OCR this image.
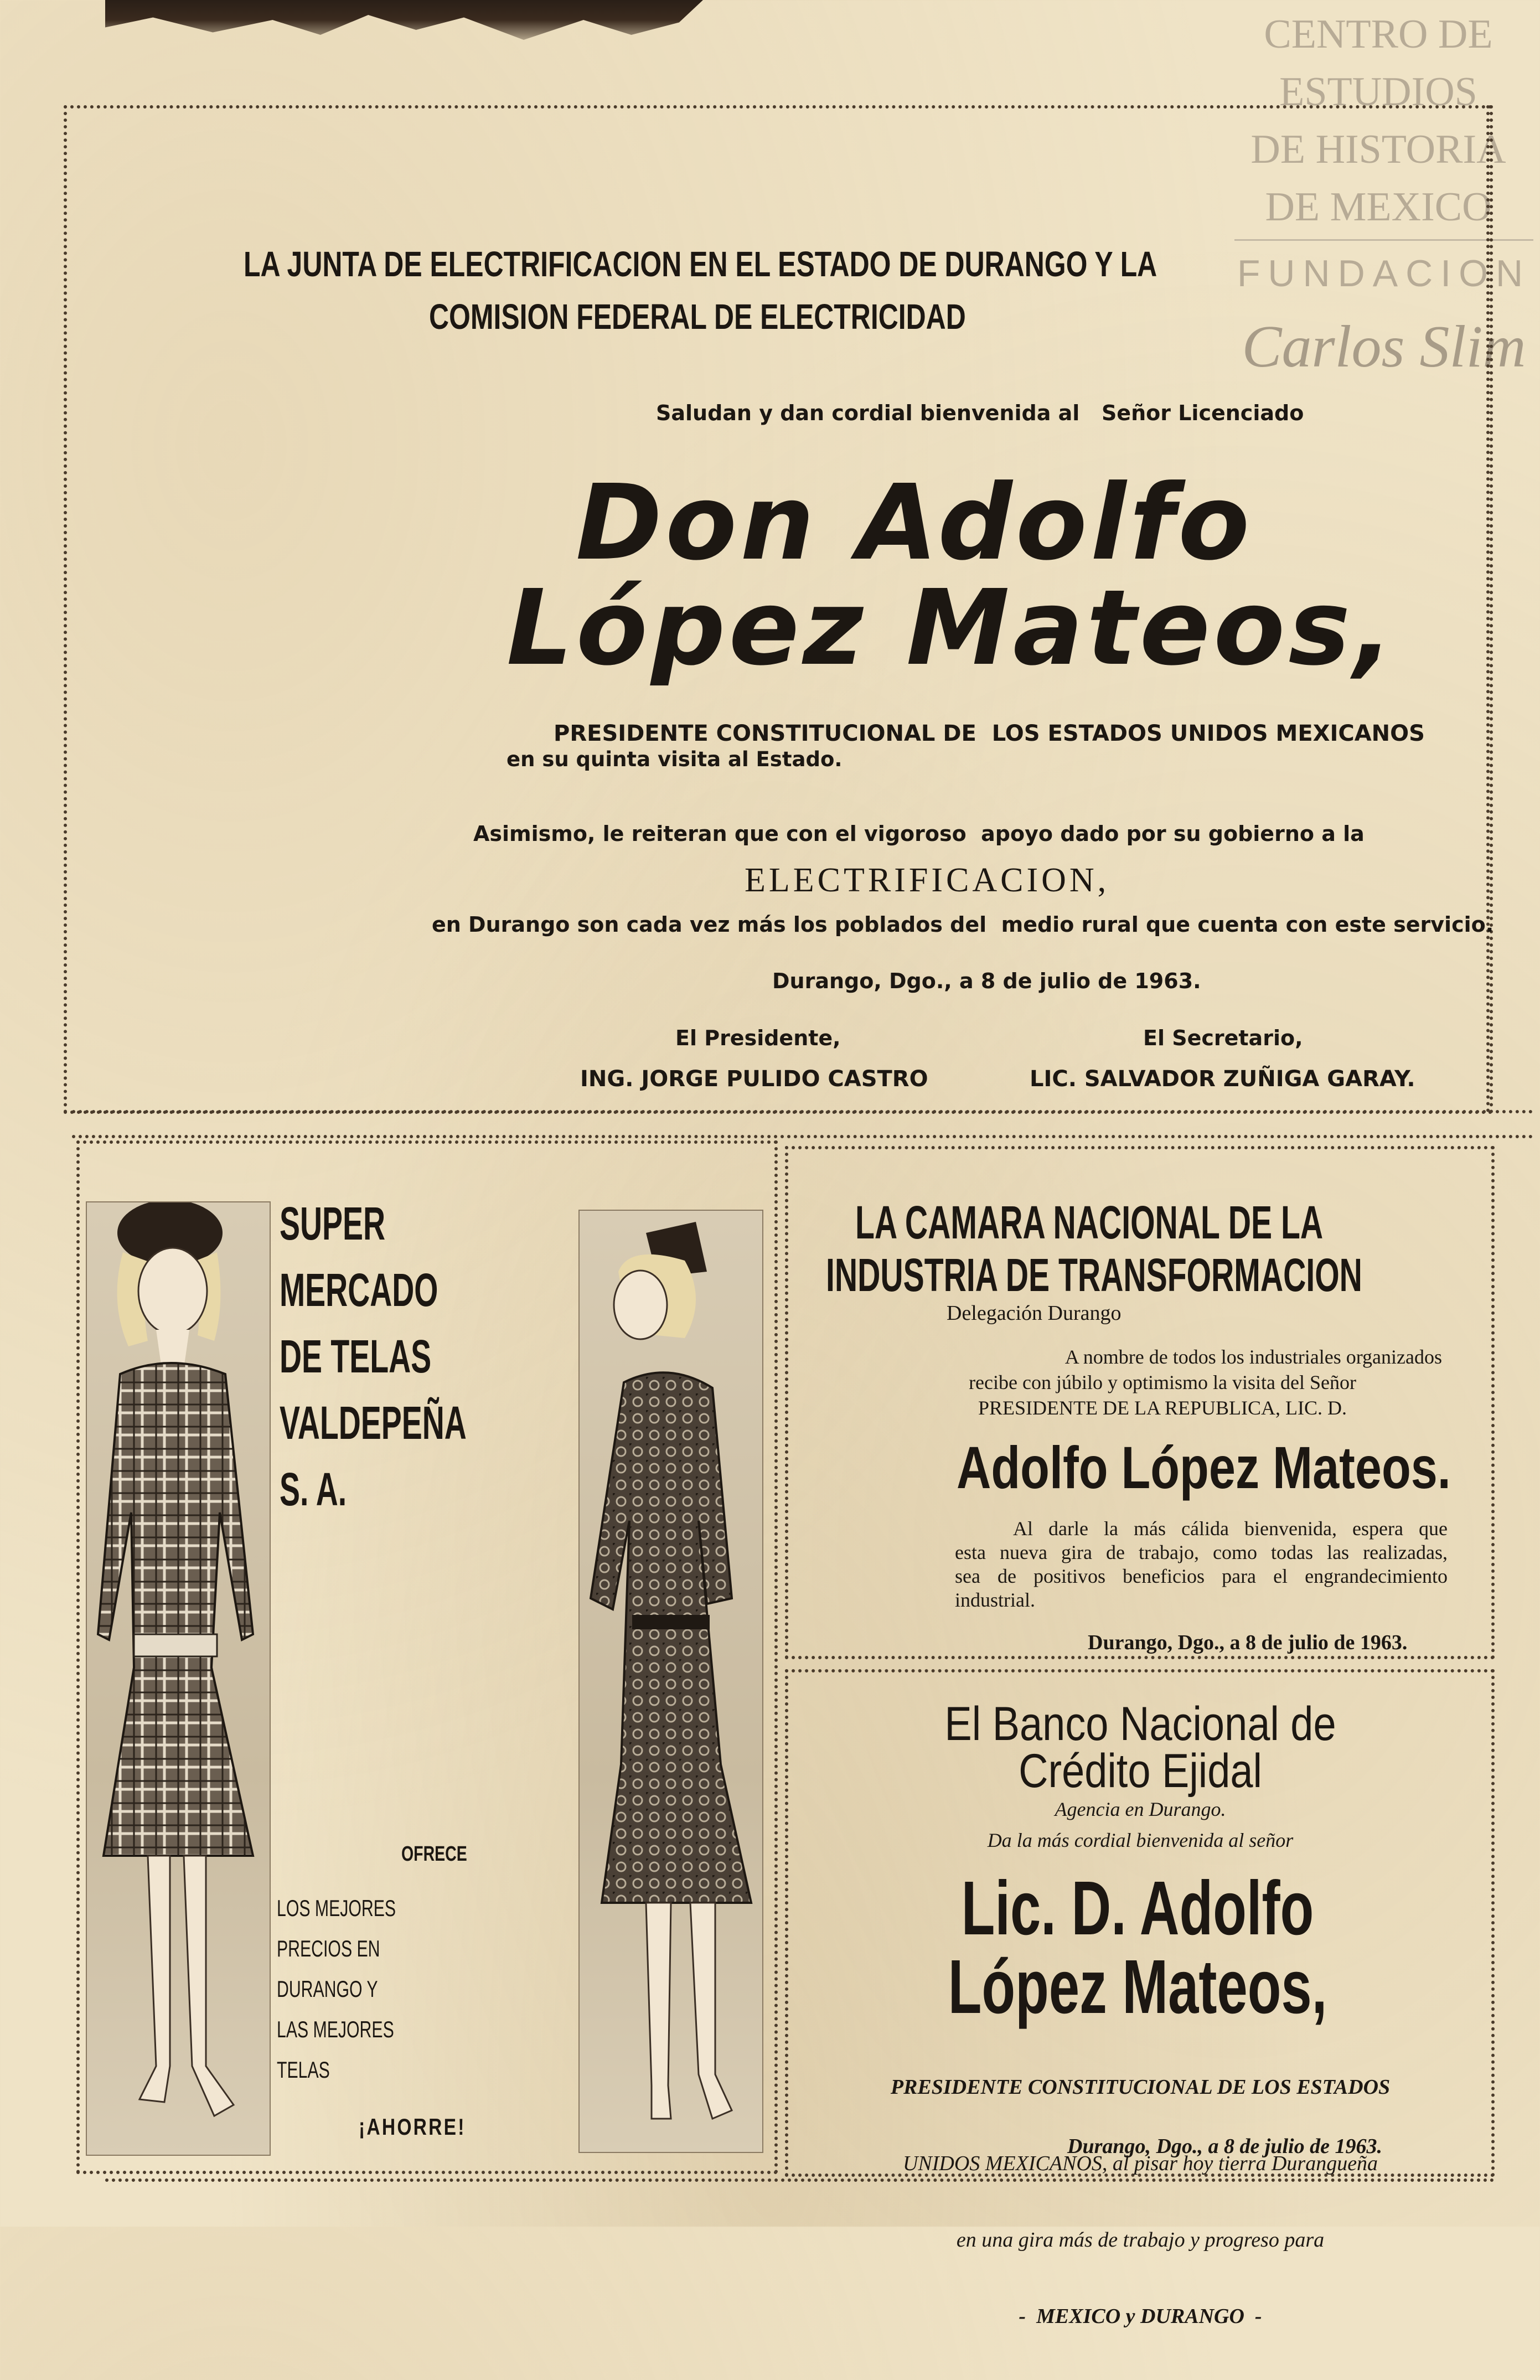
CENTRO DE
ESTUDIOS
DE HISTORIA
DE MEXICO
FUNDACION
Carlos Slim
LA JUNTA DE ELECTRIFICACION EN EL ESTADO DE DURANGO Y LA
COMISION FEDERAL DE ELECTRICIDAD
Saludan y dan cordial bienvenida al   Señor Licenciado
Don Adolfo
López Mateos,
PRESIDENTE CONSTITUCIONAL DE  LOS ESTADOS UNIDOS MEXICANOS
en su quinta visita al Estado.
Asimismo, le reiteran que con el vigoroso  apoyo dado por su gobierno a la
ELECTRIFICACION,
en Durango son cada vez más los poblados del  medio rural que cuenta con este servicio.
Durango, Dgo., a 8 de julio de 1963.
El Presidente,
ING. JORGE PULIDO CASTRO
El Secretario,
LIC. SALVADOR ZUÑIGA GARAY.
SUPER
MERCADO
DE TELAS
VALDEPEÑA
S. A.
OFRECE
LOS MEJORES
PRECIOS EN
DURANGO Y
LAS MEJORES
TELAS
¡AHORRE!
LA CAMARA NACIONAL DE LA
INDUSTRIA DE TRANSFORMACION
Delegación Durango
A nombre de todos los industriales organizados
recibe con júbilo y optimismo la visita del Señor
PRESIDENTE DE LA REPUBLICA, LIC. D.
Adolfo López Mateos.
Al darle la más cálida bienvenida, espera que
esta nueva gira de trabajo, como todas las realizadas,
sea de positivos beneficios para el engrandecimiento
industrial.
Durango, Dgo., a 8 de julio de 1963.
El Banco Nacional de
Crédito Ejidal
Agencia en Durango.
Da la más cordial bienvenida al señor
Lic. D. Adolfo
López Mateos,

PRESIDENTE CONSTITUCIONAL DE LOS ESTADOS

UNIDOS MEXICANOS, al pisar hoy tierra Durangueña

en una gira más de trabajo y progreso para

-  MEXICO y DURANGO  -

Durango, Dgo., a 8 de julio de 1963.
